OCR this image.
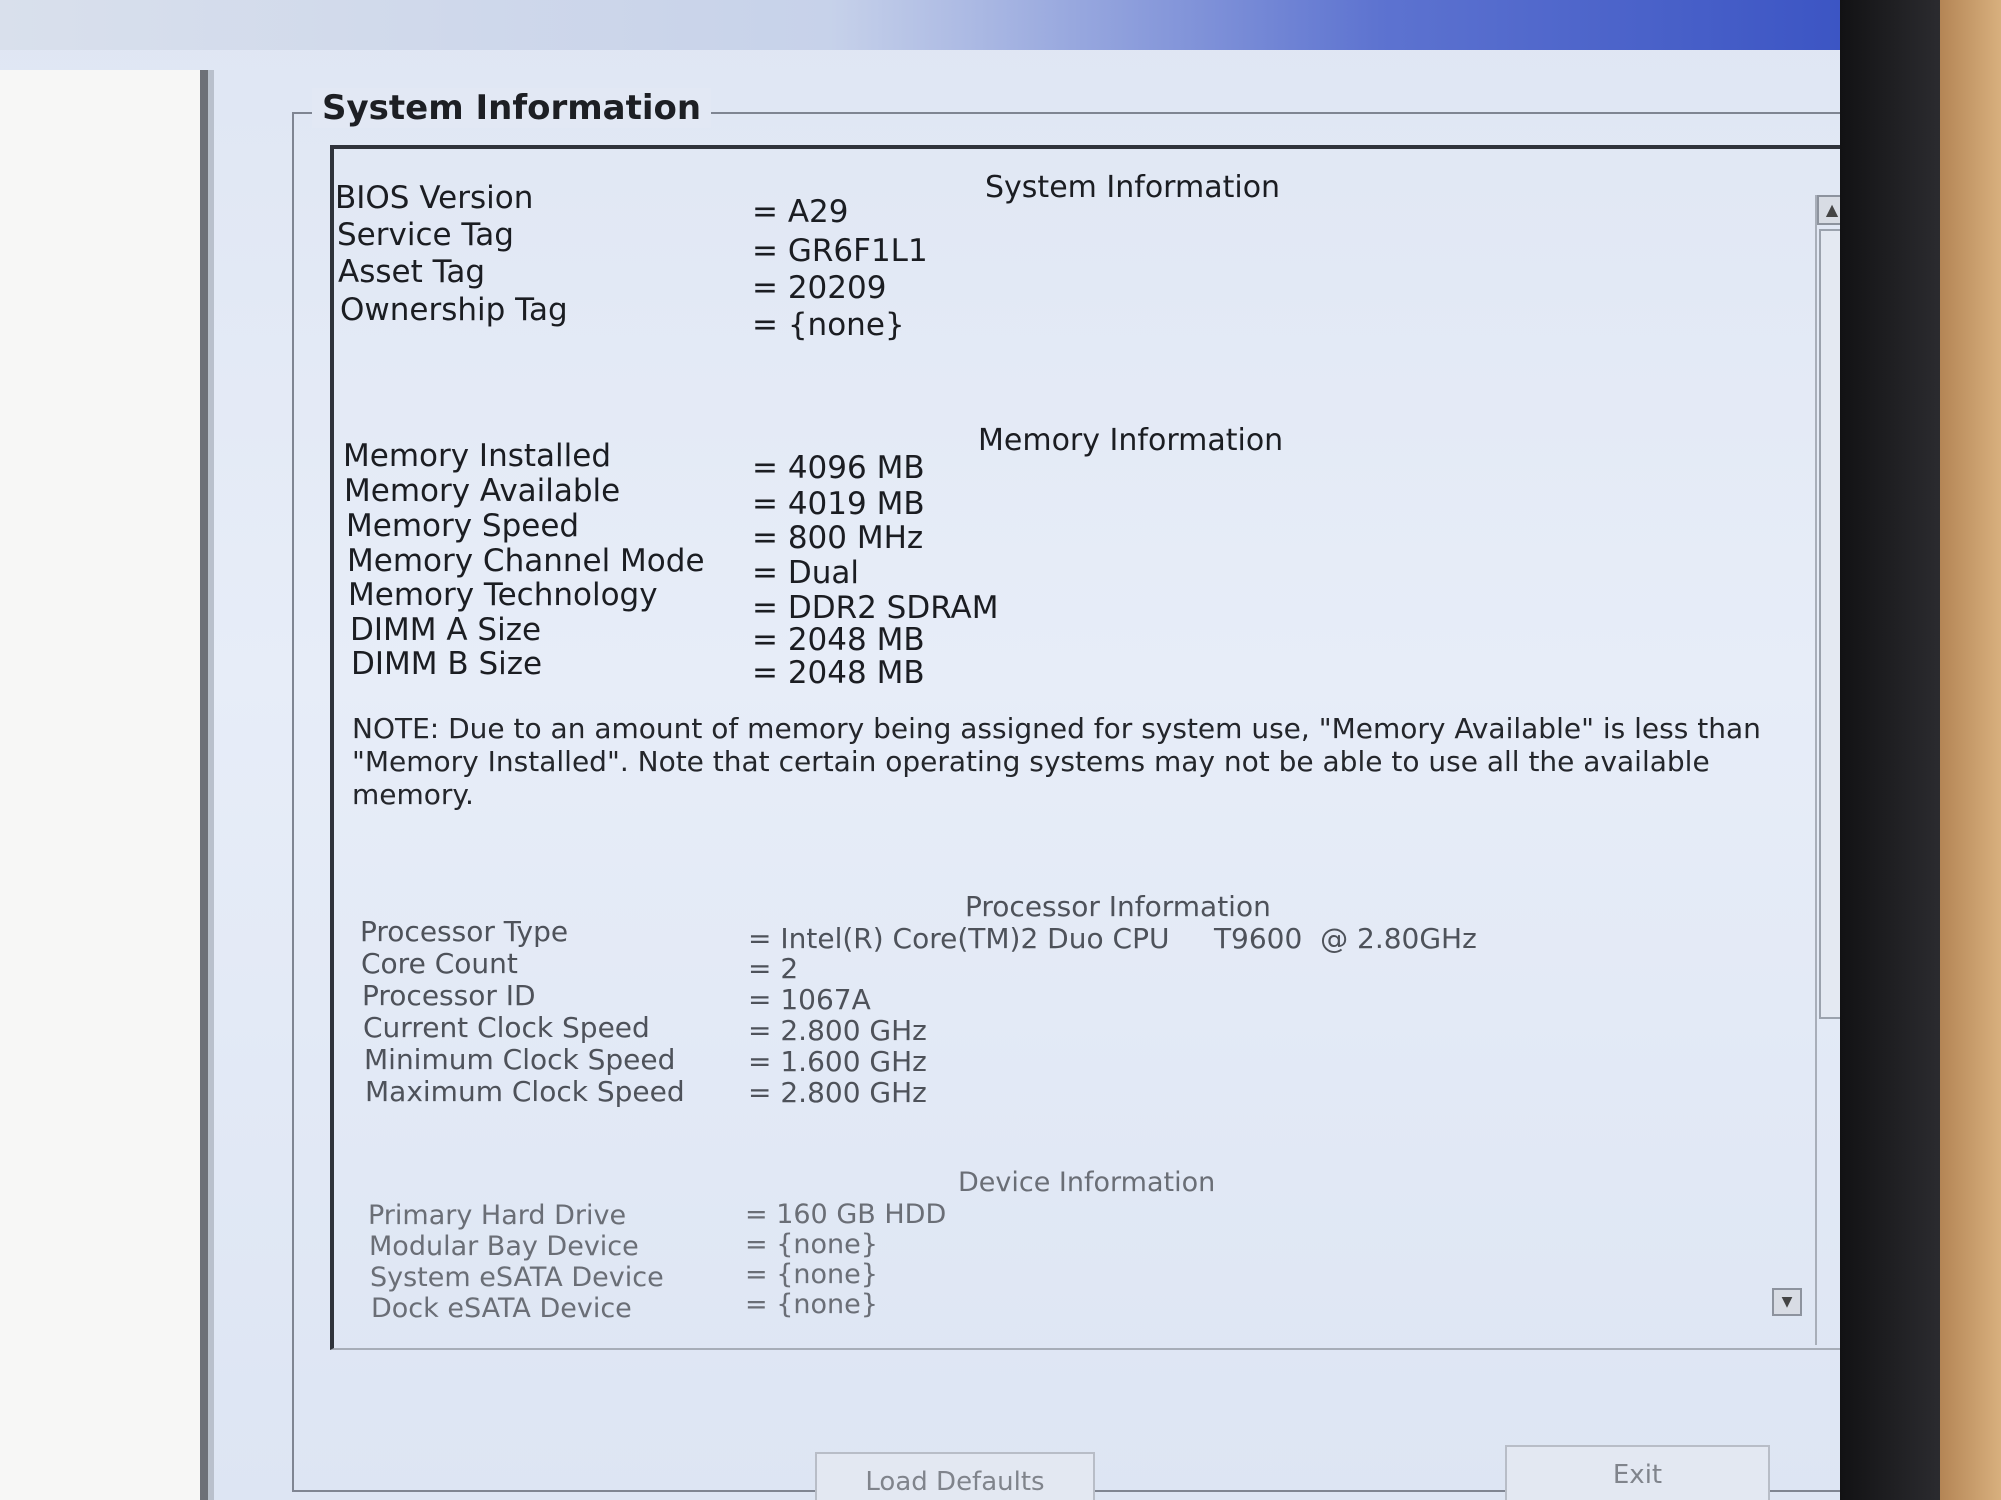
System Information
System Information
BIOS Version	= A29
Service Tag	= GR6F1L1
Asset Tag	= 20209
Ownership Tag	= {none}
Memory Information
Memory Installed	= 4096 MB
Memory Available	= 4019 MB
Memory Speed	= 800 MHz
Memory Channel Mode = Dual
Memory Technology	= DDR2 SDRAM
DIMM A Size	= 2048 MB
DIMM B Size	= 2048 MB
NOTE: Due to an amount of memory being assigned for system use, "Memory Available" is less than "Memory Installed". Note that certain operating systems may not be able to use all the available memory.
Processor Information
Processor Type	= Intel(R) Core(TM)2 Duo CPU     T9600  @ 2.80GHz
Core Count	= 2
Processor ID	= 1067A
Current Clock Speed	= 2.800 GHz
Minimum Clock Speed	= 1.600 GHz
Maximum Clock Speed = 2.800 GHz
Device Information
Primary Hard Drive	= 160 GB HDD
Modular Bay Device	= {none}
System eSATA Device	= {none}
Dock eSATA Device	= {none}
▲
▼
Load Defaults	Exit
